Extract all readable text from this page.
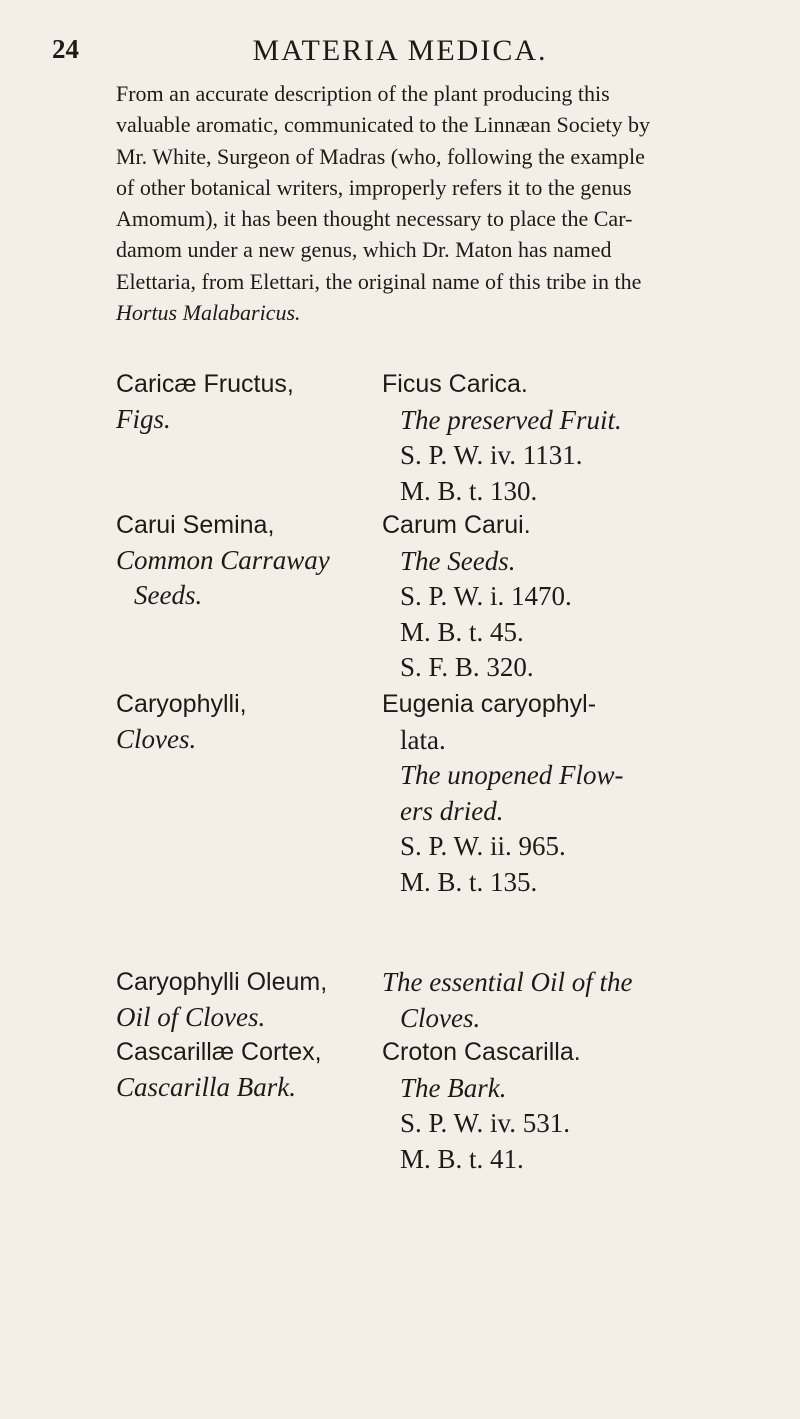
24	MATERIA MEDICA.
From an accurate description of the plant producing this
valuable aromatic, communicated to the Linnæan Society by
Mr. White, Surgeon of Madras (who, following the example
of other botanical writers, improperly refers it to the genus
Amomum), it has been thought necessary to place the Car-
damom under a new genus, which Dr. Maton has named
Elettaria, from Elettari, the original name of this tribe in the
Hortus Malabaricus.
Caricæ Fructus,
Figs.
Carui Semina,
Common Carraway
Seeds.
Caryophylli,
Cloves.
Caryophylli Oleum,
Oil of Cloves.
Cascarillæ Cortex,
Cascarilla Bark.
Ficus Carica.
The preserved Fruit.
S. P. W. iv. 1131.
M. B. t. 130.
Carum Carui.
The Seeds.
S. P. W. i. 1470.
M. B. t. 45.
S. F. B. 320.
Eugenia caryophyl-
lata.
The unopened Flow-
ers dried.
S. P. W. ii. 965.
M. B. t. 135.
The essential Oil of the
Cloves.
Croton Cascarilla.
The Bark.
S. P. W. iv. 531.
M. B. t. 41.
